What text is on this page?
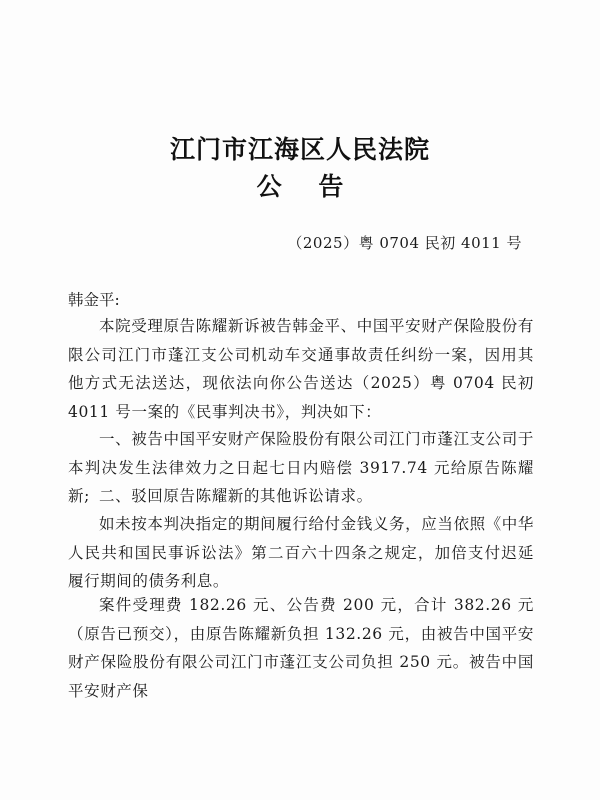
江门市江海区人民法院
公 告
（2025）粤 0704 民初 4011 号
韩金平:
本院受理原告陈耀新诉被告韩金平、中国平安财产保险股份有限公司江门市蓬江支公司机动车交通事故责任纠纷一案，因用其他方式无法送达，现依法向你公告送达（2025）粤 0704 民初 4011 号一案的《民事判决书》，判决如下：
一、被告中国平安财产保险股份有限公司江门市蓬江支公司于本判决发生法律效力之日起七日内赔偿 3917.74 元给原告陈耀新; 二、驳回原告陈耀新的其他诉讼请求。
如未按本判决指定的期间履行给付金钱义务，应当依照《中华人民共和国民事诉讼法》第二百六十四条之规定，加倍支付迟延履行期间的债务利息。
案件受理费 182.26 元、公告费 200 元，合计 382.26 元（原告已预交），由原告陈耀新负担 132.26 元，由被告中国平安财产保险股份有限公司江门市蓬江支公司负担 250 元。被告中国平安财产保
